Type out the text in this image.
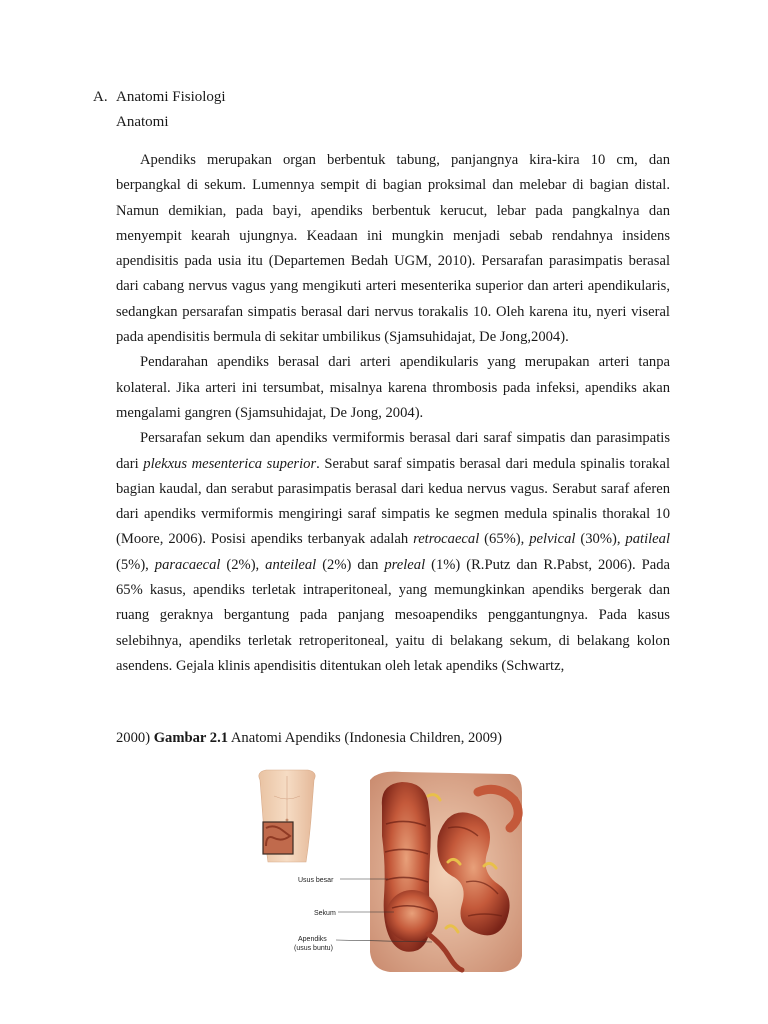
A. Anatomi Fisiologi
Anatomi

Apendiks merupakan organ berbentuk tabung, panjangnya kira-kira 10 cm, dan berpangkal di sekum. Lumennya sempit di bagian proksimal dan melebar di bagian distal. Namun demikian, pada bayi, apendiks berbentuk kerucut, lebar pada pangkalnya dan menyempit kearah ujungnya. Keadaan ini mungkin menjadi sebab rendahnya insidens apendisitis pada usia itu (Departemen Bedah UGM, 2010). Persarafan parasimpatis berasal dari cabang nervus vagus yang mengikuti arteri mesenterika superior dan arteri apendikularis, sedangkan persarafan simpatis berasal dari nervus torakalis 10. Oleh karena itu, nyeri viseral pada apendisitis bermula di sekitar umbilikus (Sjamsuhidajat, De Jong,2004).

Pendarahan apendiks berasal dari arteri apendikularis yang merupakan arteri tanpa kolateral. Jika arteri ini tersumbat, misalnya karena thrombosis pada infeksi, apendiks akan mengalami gangren (Sjamsuhidajat, De Jong, 2004).

Persarafan sekum dan apendiks vermiformis berasal dari saraf simpatis dan parasimpatis dari plekxus mesenterica superior. Serabut saraf simpatis berasal dari medula spinalis torakal bagian kaudal, dan serabut parasimpatis berasal dari kedua nervus vagus. Serabut saraf aferen dari apendiks vermiformis mengiringi saraf simpatis ke segmen medula spinalis thorakal 10 (Moore, 2006). Posisi apendiks terbanyak adalah retrocaecal (65%), pelvical (30%), patileal (5%), paracaecal (2%), anteileal (2%) dan preleal (1%) (R.Putz dan R.Pabst, 2006). Pada 65% kasus, apendiks terletak intraperitoneal, yang memungkinkan apendiks bergerak dan ruang geraknya bergantung pada panjang mesoapendiks penggantungnya. Pada kasus selebihnya, apendiks terletak retroperitoneal, yaitu di belakang sekum, di belakang kolon asendens. Gejala klinis apendisitis ditentukan oleh letak apendiks (Schwartz,

2000) Gambar 2.1 Anatomi Apendiks (Indonesia Children, 2009)
Usus besar
Sekum
Apendiks
(usus buntu)
